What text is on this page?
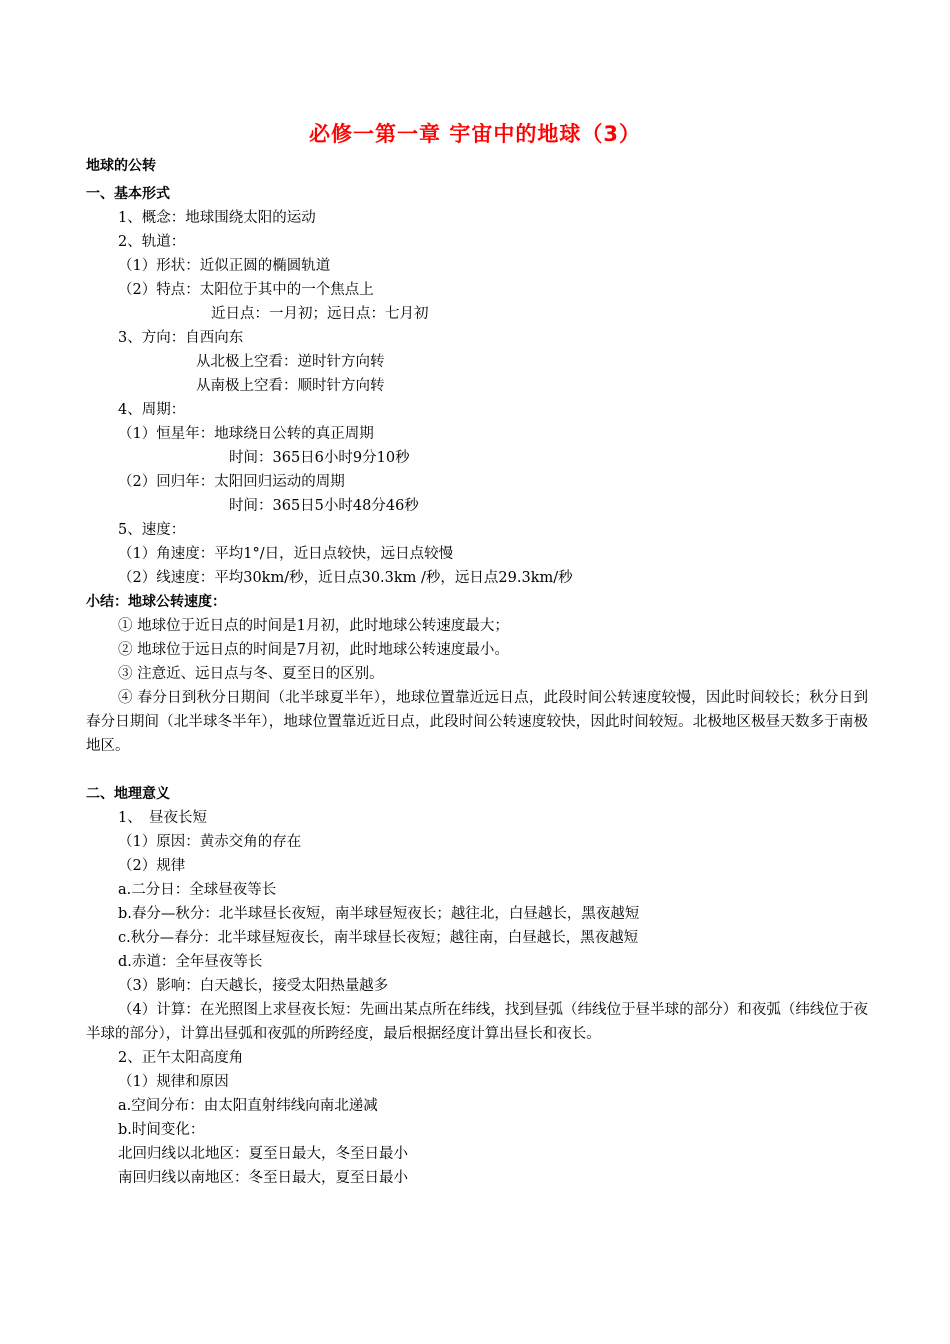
必修一第一章 宇宙中的地球（3）
地球的公转
一、基本形式
1、概念：地球围绕太阳的运动
2、轨道：
（1）形状：近似正圆的椭圆轨道
（2）特点：太阳位于其中的一个焦点上
近日点：一月初；远日点：七月初
3、方向：自西向东
从北极上空看：逆时针方向转
从南极上空看：顺时针方向转
4、周期：
（1）恒星年：地球绕日公转的真正周期
时间：365日6小时9分10秒
（2）回归年：太阳回归运动的周期
时间：365日5小时48分46秒
5、速度：
（1）角速度：平均1°/日，近日点较快，远日点较慢
（2）线速度：平均30km/秒，近日点30.3km /秒，远日点29.3km/秒
小结：地球公转速度：
① 地球位于近日点的时间是1月初，此时地球公转速度最大；
② 地球位于远日点的时间是7月初，此时地球公转速度最小。
③ 注意近、远日点与冬、夏至日的区别。
④ 春分日到秋分日期间（北半球夏半年），地球位置靠近远日点，此段时间公转速度较慢，因此时间较长；秋分日到春分日期间（北半球冬半年），地球位置靠近近日点，此段时间公转速度较快，因此时间较短。北极地区极昼天数多于南极地区。
二、地理意义
1、　昼夜长短
（1）原因：黄赤交角的存在
（2）规律
a.二分日：全球昼夜等长
b.春分—秋分：北半球昼长夜短，南半球昼短夜长；越往北，白昼越长，黑夜越短
c.秋分—春分：北半球昼短夜长，南半球昼长夜短；越往南，白昼越长，黑夜越短
d.赤道：全年昼夜等长
（3）影响：白天越长，接受太阳热量越多
（4）计算：在光照图上求昼夜长短：先画出某点所在纬线，找到昼弧（纬线位于昼半球的部分）和夜弧（纬线位于夜半球的部分），计算出昼弧和夜弧的所跨经度，最后根据经度计算出昼长和夜长。
2、正午太阳高度角
（1）规律和原因
a.空间分布：由太阳直射纬线向南北递减
b.时间变化：
北回归线以北地区：夏至日最大，冬至日最小
南回归线以南地区：冬至日最大，夏至日最小
